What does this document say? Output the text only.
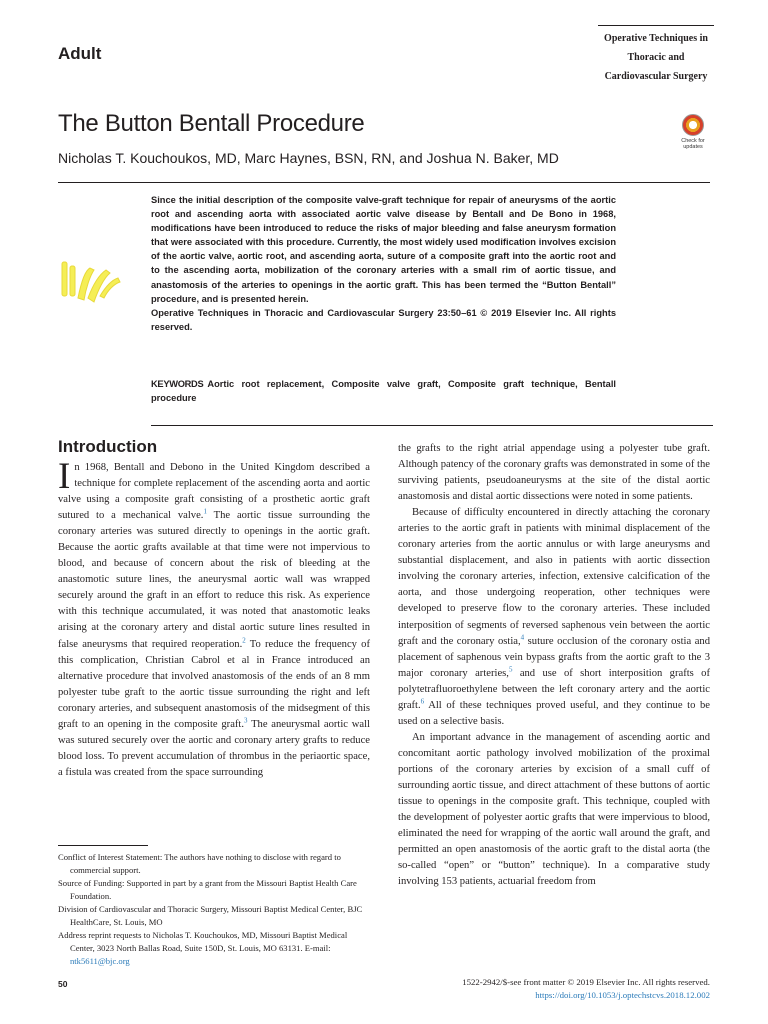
Adult
Operative Techniques in
Thoracic and
Cardiovascular Surgery
The Button Bentall Procedure
Nicholas T. Kouchoukos, MD, Marc Haynes, BSN, RN, and Joshua N. Baker, MD
Check for updates

Since the initial description of the composite valve-graft technique for repair of aneurysms of the aortic root and ascending aorta with associated aortic valve disease by Bentall and De Bono in 1968, modifications have been introduced to reduce the risks of major bleeding and false aneurysm formation that were associated with this procedure. Currently, the most widely used modification involves excision of the aortic valve, aortic root, and ascending aorta, suture of a composite graft into the aortic root and to the ascending aorta, mobilization of the coronary arteries with a small rim of aortic tissue, and anastomosis of the arteries to openings in the aortic graft. This has been termed the “Button Bentall” procedure, and is presented herein.

Operative Techniques in Thoracic and Cardiovascular Surgery 23:50–61 © 2019 Elsevier Inc. All rights reserved.

KEYWORDS Aortic root replacement, Composite valve graft, Composite graft technique, Bentall procedure
Introduction

In 1968, Bentall and Debono in the United Kingdom described a technique for complete replacement of the ascending aorta and aortic valve using a composite graft consisting of a prosthetic aortic graft sutured to a mechanical valve.$^1$ The aortic tissue surrounding the coronary arteries was sutured directly to openings in the aortic graft. Because the aortic grafts available at that time were not impervious to blood, and because of concern about the risk of bleeding at the anastomotic suture lines, the aneurysmal aortic wall was wrapped securely around the graft in an effort to reduce this risk. As experience with this technique accumulated, it was noted that anastomotic leaks arising at the coronary artery and distal aortic suture lines resulted in false aneurysms that required reoperation.$^2$ To reduce the frequency of this complication, Christian Cabrol et al in France introduced an alternative procedure that involved anastomosis of the ends of an 8 mm polyester tube graft to the aortic tissue surrounding the right and left coronary arteries, and subsequent anastomosis of the midsegment of this graft to an opening in the composite graft.$^3$ The aneurysmal aortic wall was sutured securely over the aortic and coronary artery grafts to reduce blood loss. To prevent accumulation of thrombus in the periaortic space, a fistula was created from the space surrounding

the grafts to the right atrial appendage using a polyester tube graft. Although patency of the coronary grafts was demonstrated in some of the surviving patients, pseudoaneurysms at the site of the distal aortic anastomosis and distal aortic dissections were noted in some patients.

Because of difficulty encountered in directly attaching the coronary arteries to the aortic graft in patients with minimal displacement of the coronary arteries from the aortic annulus or with large aneurysms and substantial displacement, and also in patients with aortic dissection involving the coronary arteries, infection, extensive calcification of the aorta, and those undergoing reoperation, other techniques were developed to preserve flow to the coronary arteries. These included interposition of segments of reversed saphenous vein between the aortic graft and the coronary ostia,$^4$ suture occlusion of the coronary ostia and placement of saphenous vein bypass grafts from the aortic graft to the 3 major coronary arteries,$^5$ and use of short interposition grafts of polytetrafluoroethylene between the left coronary artery and the aortic graft.$^6$ All of these techniques proved useful, and they continue to be used on a selective basis.

An important advance in the management of ascending aortic and concomitant aortic pathology involved mobilization of the proximal portions of the coronary arteries by excision of a small cuff of surrounding aortic tissue, and direct attachment of these buttons of aortic tissue to openings in the composite graft. This technique, coupled with the development of polyester aortic grafts that were impervious to blood, eliminated the need for wrapping of the aortic wall around the graft, and permitted an open anastomosis of the aortic graft to the distal aorta (the so-called “open” or “button” technique). In a comparative study involving 153 patients, actuarial freedom from

Conflict of Interest Statement: The authors have nothing to disclose with regard to commercial support.

Source of Funding: Supported in part by a grant from the Missouri Baptist Health Care Foundation.

Division of Cardiovascular and Thoracic Surgery, Missouri Baptist Medical Center, BJC HealthCare, St. Louis, MO

Address reprint requests to Nicholas T. Kouchoukos, MD, Missouri Baptist Medical Center, 3023 North Ballas Road, Suite 150D, St. Louis, MO 63131. E-mail: ntk5611@bjc.org

50	1522-2942/$-see front matter © 2019 Elsevier Inc. All rights reserved.
https://doi.org/10.1053/j.optechstcvs.2018.12.002
